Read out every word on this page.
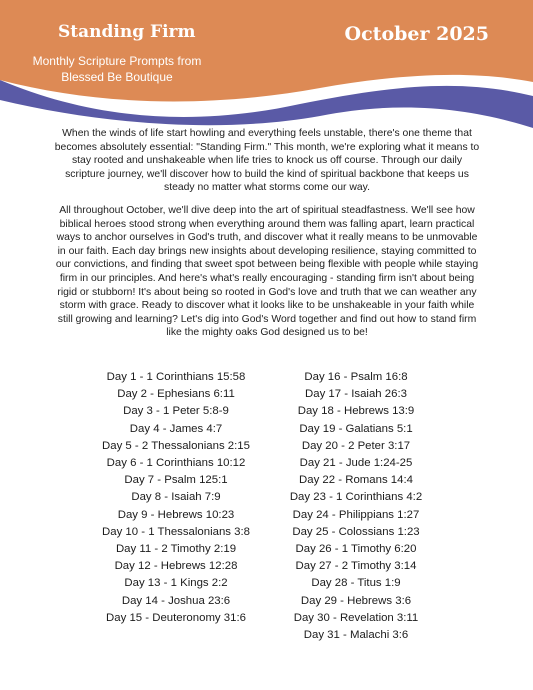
Standing Firm	October 2025
Monthly Scripture Prompts from Blessed Be Boutique

When the winds of life start howling and everything feels unstable, there's one theme that becomes absolutely essential: "Standing Firm." This month, we're exploring what it means to stay rooted and unshakeable when life tries to knock us off course. Through our daily scripture journey, we'll discover how to build the kind of spiritual backbone that keeps us steady no matter what storms come our way.

All throughout October, we'll dive deep into the art of spiritual steadfastness. We'll see how biblical heroes stood strong when everything around them was falling apart, learn practical ways to anchor ourselves in God's truth, and discover what it really means to be unmovable in our faith. Each day brings new insights about developing resilience, staying committed to our convictions, and finding that sweet spot between being flexible with people while staying firm in our principles. And here's what's really encouraging - standing firm isn't about being rigid or stubborn! It's about being so rooted in God's love and truth that we can weather any storm with grace. Ready to discover what it looks like to be unshakeable in your faith while still growing and learning? Let's dig into God's Word together and find out how to stand firm like the mighty oaks God designed us to be!

Day 1 - 1 Corinthians 15:58
Day 2 - Ephesians 6:11
Day 3 - 1 Peter 5:8-9
Day 4 - James 4:7
Day 5 - 2 Thessalonians 2:15
Day 6 - 1 Corinthians 10:12
Day 7 - Psalm 125:1
Day 8 - Isaiah 7:9
Day 9 - Hebrews 10:23
Day 10 - 1 Thessalonians 3:8
Day 11 - 2 Timothy 2:19
Day 12 - Hebrews 12:28
Day 13 - 1 Kings 2:2
Day 14 - Joshua 23:6
Day 15 - Deuteronomy 31:6
Day 16 - Psalm 16:8
Day 17 - Isaiah 26:3
Day 18 - Hebrews 13:9
Day 19 - Galatians 5:1
Day 20 - 2 Peter 3:17
Day 21 - Jude 1:24-25
Day 22 - Romans 14:4
Day 23 - 1 Corinthians 4:2
Day 24 - Philippians 1:27
Day 25 - Colossians 1:23
Day 26 - 1 Timothy 6:20
Day 27 - 2 Timothy 3:14
Day 28 - Titus 1:9
Day 29 - Hebrews 3:6
Day 30 - Revelation 3:11
Day 31 - Malachi 3:6
